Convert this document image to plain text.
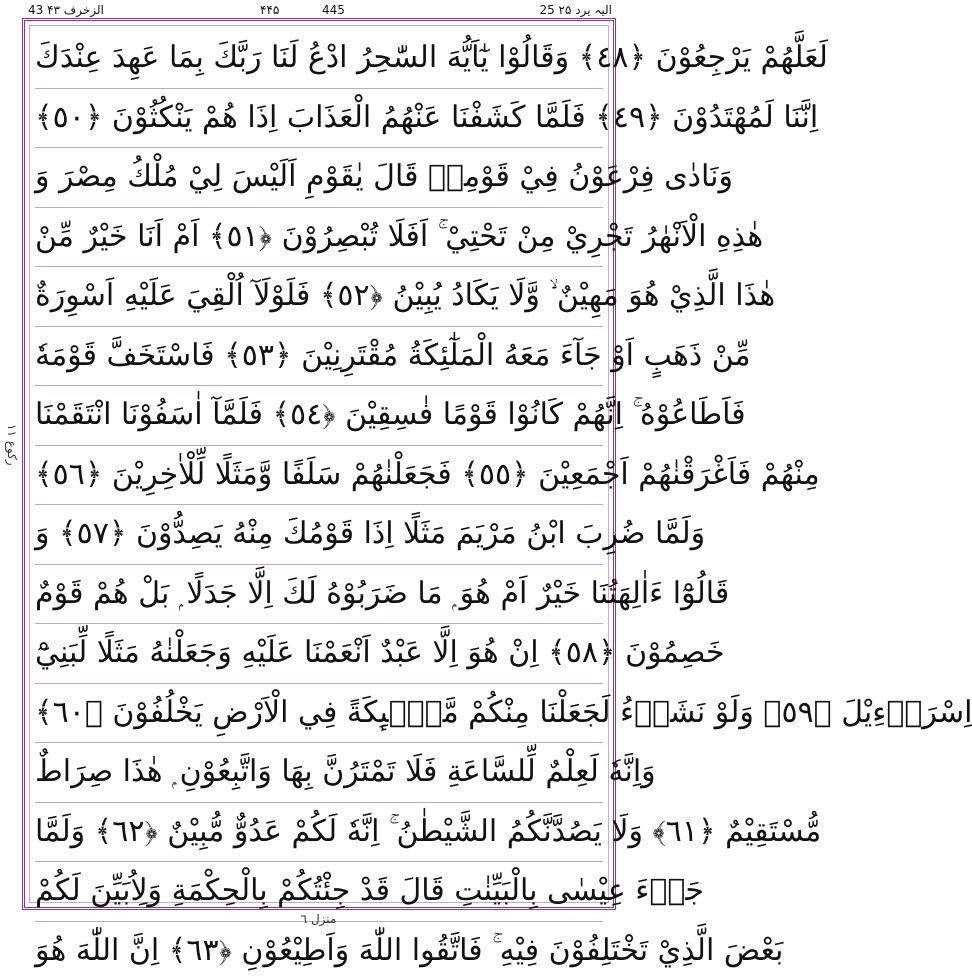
43 الزخرف ۴۳	۴۴۵	445	25 الیہ یرد ۲۵
رکوع ۱۱
لَعَلَّهُمْ يَرْجِعُوْنَ ﴿٤٨﴾ وَقَالُوْا يٰٓاَيُّهَ السّٰحِرُ ادْعُ لَنَا رَبَّكَ بِمَا عَهِدَ عِنْدَكَ
اِنَّنَا لَمُهْتَدُوْنَ ﴿٤٩﴾ فَلَمَّا كَشَفْنَا عَنْهُمُ الْعَذَابَ اِذَا هُمْ يَنْكُثُوْنَ ﴿٥٠﴾
وَنَادٰى فِرْعَوْنُ فِيْ قَوْمِهٖ قَالَ يٰقَوْمِ اَلَيْسَ لِيْ مُلْكُ مِصْرَ وَ
هٰذِهِ الْاَنْهٰرُ تَجْرِيْ مِنْ تَحْتِيْ ۚ اَفَلَا تُبْصِرُوْنَ ﴿٥١﴾ اَمْ اَنَا خَيْرٌ مِّنْ
هٰذَا الَّذِيْ هُوَ مَهِيْنٌ ۙ وَّلَا يَكَادُ يُبِيْنُ ﴿٥٢﴾ فَلَوْلَآ اُلْقِيَ عَلَيْهِ اَسْوِرَةٌ
مِّنْ ذَهَبٍ اَوْ جَآءَ مَعَهُ الْمَلٰٓئِكَةُ مُقْتَرِنِيْنَ ﴿٥٣﴾ فَاسْتَخَفَّ قَوْمَهٗ
فَاَطَاعُوْهُ ۚ اِنَّهُمْ كَانُوْا قَوْمًا فٰسِقِيْنَ ﴿٥٤﴾ فَلَمَّآ اٰسَفُوْنَا انْتَقَمْنَا
مِنْهُمْ فَاَغْرَقْنٰهُمْ اَجْمَعِيْنَ ﴿٥٥﴾ فَجَعَلْنٰهُمْ سَلَفًا وَّمَثَلًا لِّلْاٰخِرِيْنَ ﴿٥٦﴾
وَلَمَّا ضُرِبَ ابْنُ مَرْيَمَ مَثَلًا اِذَا قَوْمُكَ مِنْهُ يَصِدُّوْنَ ﴿٥٧﴾ وَ
قَالُوْٓا ءَاٰلِهَتُنَا خَيْرٌ اَمْ هُوَ ۭ مَا ضَرَبُوْهُ لَكَ اِلَّا جَدَلًا ۭ بَلْ هُمْ قَوْمٌ
خَصِمُوْنَ ﴿٥٨﴾ اِنْ هُوَ اِلَّا عَبْدٌ اَنْعَمْنَا عَلَيْهِ وَجَعَلْنٰهُ مَثَلًا لِّبَنِيْٓ
اِسْرَاۗءِيْلَ ﴿٥٩﴾ وَلَوْ نَشَاۗءُ لَجَعَلْنَا مِنْكُمْ مَّلٰۗىِٕكَةً فِي الْاَرْضِ يَخْلُفُوْنَ ﴿٦٠﴾
وَاِنَّهٗ لَعِلْمٌ لِّلسَّاعَةِ فَلَا تَمْتَرُنَّ بِهَا وَاتَّبِعُوْنِ ۭ هٰذَا صِرَاطٌ
مُّسْتَقِيْمٌ ﴿٦١﴾ وَلَا يَصُدَّنَّكُمُ الشَّيْطٰنُ ۚ اِنَّهٗ لَكُمْ عَدُوٌّ مُّبِيْنٌ ﴿٦٢﴾ وَلَمَّا
جَاۗءَ عِيْسٰى بِالْبَيِّنٰتِ قَالَ قَدْ جِئْتُكُمْ بِالْحِكْمَةِ وَلِاُبَيِّنَ لَكُمْ
بَعْضَ الَّذِيْ تَخْتَلِفُوْنَ فِيْهِ ۚ فَاتَّقُوا اللّٰهَ وَاَطِيْعُوْنِ ﴿٦٣﴾ اِنَّ اللّٰهَ هُوَ
منزل ٦
